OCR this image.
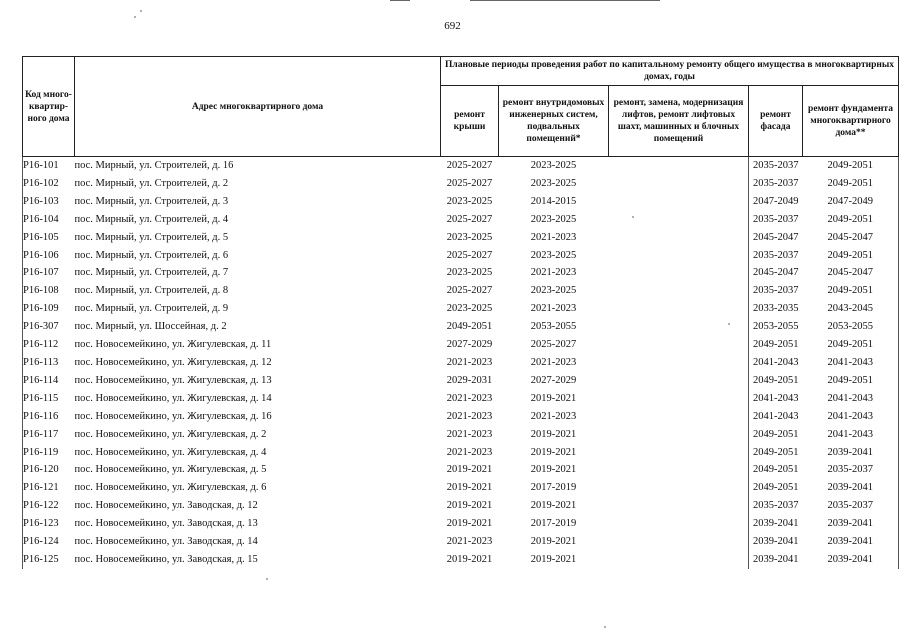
692
Код много-квартир-ного дома	Адрес многоквартирного дома	Плановые периоды проведения работ по капитальному ремонту общего имущества в многоквартирных домах, годы				
		ремонт крыши	ремонт внутридомовых инженерных систем, подвальных помещений*	ремонт, замена, модернизация лифтов, ремонт лифтовых шахт, машинных и блочных помещений	ремонт фасада	ремонт фундамента многоквартирного дома**
Р16-101	пос. Мирный, ул. Строителей, д. 16	2025-2027	2023-2025		2035-2037	2049-2051
Р16-102	пос. Мирный, ул. Строителей, д. 2	2025-2027	2023-2025		2035-2037	2049-2051
Р16-103	пос. Мирный, ул. Строителей, д. 3	2023-2025	2014-2015		2047-2049	2047-2049
Р16-104	пос. Мирный, ул. Строителей, д. 4	2025-2027	2023-2025		2035-2037	2049-2051
Р16-105	пос. Мирный, ул. Строителей, д. 5	2023-2025	2021-2023		2045-2047	2045-2047
Р16-106	пос. Мирный, ул. Строителей, д. 6	2025-2027	2023-2025		2035-2037	2049-2051
Р16-107	пос. Мирный, ул. Строителей, д. 7	2023-2025	2021-2023		2045-2047	2045-2047
Р16-108	пос. Мирный, ул. Строителей, д. 8	2025-2027	2023-2025		2035-2037	2049-2051
Р16-109	пос. Мирный, ул. Строителей, д. 9	2023-2025	2021-2023		2033-2035	2043-2045
Р16-307	пос. Мирный, ул. Шоссейная, д. 2	2049-2051	2053-2055		2053-2055	2053-2055
Р16-112	пос. Новосемейкино, ул. Жигулевская, д. 11	2027-2029	2025-2027		2049-2051	2049-2051
Р16-113	пос. Новосемейкино, ул. Жигулевская, д. 12	2021-2023	2021-2023		2041-2043	2041-2043
Р16-114	пос. Новосемейкино, ул. Жигулевская, д. 13	2029-2031	2027-2029		2049-2051	2049-2051
Р16-115	пос. Новосемейкино, ул. Жигулевская, д. 14	2021-2023	2019-2021		2041-2043	2041-2043
Р16-116	пос. Новосемейкино, ул. Жигулевская, д. 16	2021-2023	2021-2023		2041-2043	2041-2043
Р16-117	пос. Новосемейкино, ул. Жигулевская, д. 2	2021-2023	2019-2021		2049-2051	2041-2043
Р16-119	пос. Новосемейкино, ул. Жигулевская, д. 4	2021-2023	2019-2021		2049-2051	2039-2041
Р16-120	пос. Новосемейкино, ул. Жигулевская, д. 5	2019-2021	2019-2021		2049-2051	2035-2037
Р16-121	пос. Новосемейкино, ул. Жигулевская, д. 6	2019-2021	2017-2019		2049-2051	2039-2041
Р16-122	пос. Новосемейкино, ул. Заводская, д. 12	2019-2021	2019-2021		2035-2037	2035-2037
Р16-123	пос. Новосемейкино, ул. Заводская, д. 13	2019-2021	2017-2019		2039-2041	2039-2041
Р16-124	пос. Новосемейкино, ул. Заводская, д. 14	2021-2023	2019-2021		2039-2041	2039-2041
Р16-125	пос. Новосемейкино, ул. Заводская, д. 15	2019-2021	2019-2021		2039-2041	2039-2041
